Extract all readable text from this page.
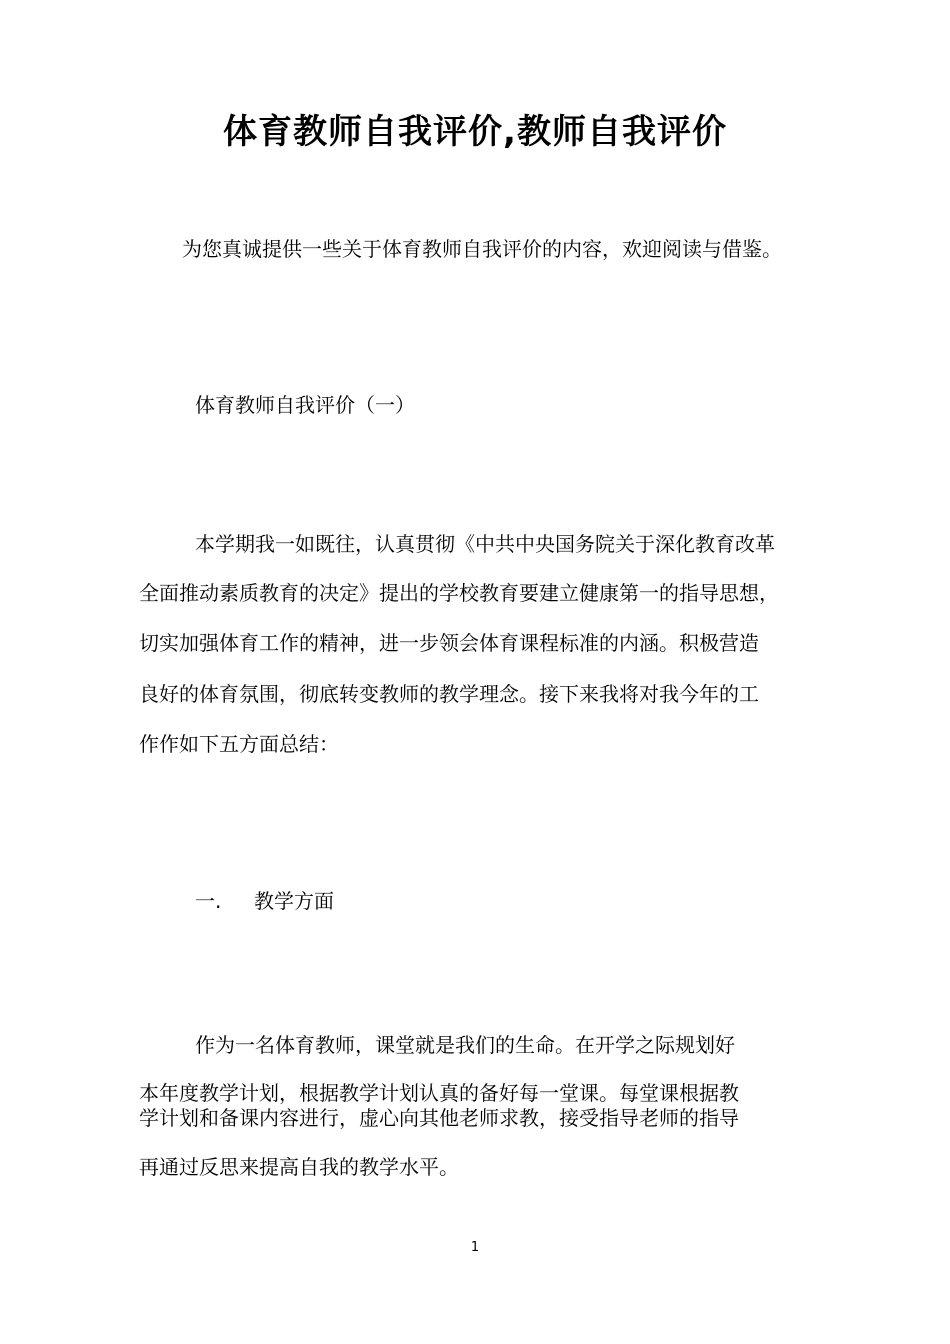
体育教师自我评价,教师自我评价

为您真诚提供一些关于体育教师自我评价的内容，欢迎阅读与借鉴。

体育教师自我评价（一）

本学期我一如既往，认真贯彻《中共中央国务院关于深化教育改革

全面推动素质教育的决定》提出的学校教育要建立健康第一的指导思想，

切实加强体育工作的精神，进一步领会体育课程标准的内涵。积极营造

良好的体育氛围，彻底转变教师的教学理念。接下来我将对我今年的工

作作如下五方面总结：

一. 教学方面

作为一名体育教师，课堂就是我们的生命。在开学之际规划好

本年度教学计划，根据教学计划认真的备好每一堂课。每堂课根据教

学计划和备课内容进行，虚心向其他老师求教，接受指导老师的指导

再通过反思来提高自我的教学水平。

1
